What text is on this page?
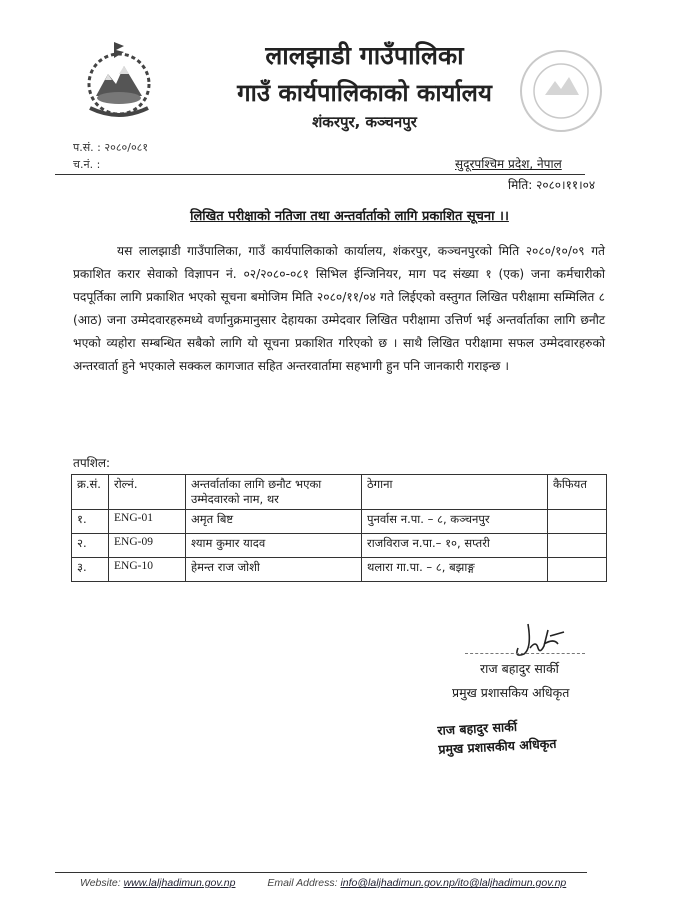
लालझाडी गाउँपालिका
गाउँ कार्यपालिकाको कार्यालय
शंकरपुर, कञ्चनपुर
प.सं. : २०८०/०८१
च.नं. :	सुदूरपश्चिम प्रदेश, नेपाल
मिति: २०८०।११।०४
लिखित परीक्षाको नतिजा तथा अन्तर्वार्ताको लागि प्रकाशित सूचना ।।
यस लालझाडी गाउँपालिका, गाउँ कार्यपालिकाको कार्यालय, शंकरपुर, कञ्चनपुरको मिति २०८०/१०/०९ गते प्रकाशित करार सेवाको विज्ञापन नं. ०२/२०८०-०८१ सिभिल ईन्जिनियर, माग पद संख्या १ (एक) जना कर्मचारीको पदपूर्तिका लागि प्रकाशित भएको सूचना बमोजिम मिति २०८०/११/०४ गते लिईएको वस्तुगत लिखित परीक्षामा सम्मिलित ८ (आठ) जना उम्मेदवारहरुमध्ये वर्णानुक्रमानुसार देहायका उम्मेदवार लिखित परीक्षामा उत्तिर्ण भई अन्तर्वार्ताका लागि छनौट भएको व्यहोरा सम्बन्धित सबैको लागि यो सूचना प्रकाशित गरिएको छ । साथै लिखित परीक्षामा सफल उम्मेदवारहरुको अन्तरवार्ता हुने भएकाले सक्कल कागजात सहित अन्तरवार्तामा सहभागी हुन पनि जानकारी गराइन्छ ।
तपशिल:
क्र.सं.	रोल्नं.	अन्तर्वार्ताका लागि छनौट भएका उम्मेदवारको नाम, थर	ठेगाना	कैफियत
१.	ENG-01	अमृत बिष्ट	पुनर्वास न.पा. – ८, कञ्चनपुर	
२.	ENG-09	श्याम कुमार यादव	राजविराज न.पा.– १०, सप्तरी	
३.	ENG-10	हेमन्त राज जोशी	थलारा गा.पा. – ८, बझाङ्ग	
राज बहादुर सार्की
प्रमुख प्रशासकिय अधिकृत
राज बहादुर सार्की
प्रमुख प्रशासकीय अधिकृत
Website: www.laljhadimun.gov.np	Email Address: info@laljhadimun.gov.np/ito@laljhadimun.gov.np
